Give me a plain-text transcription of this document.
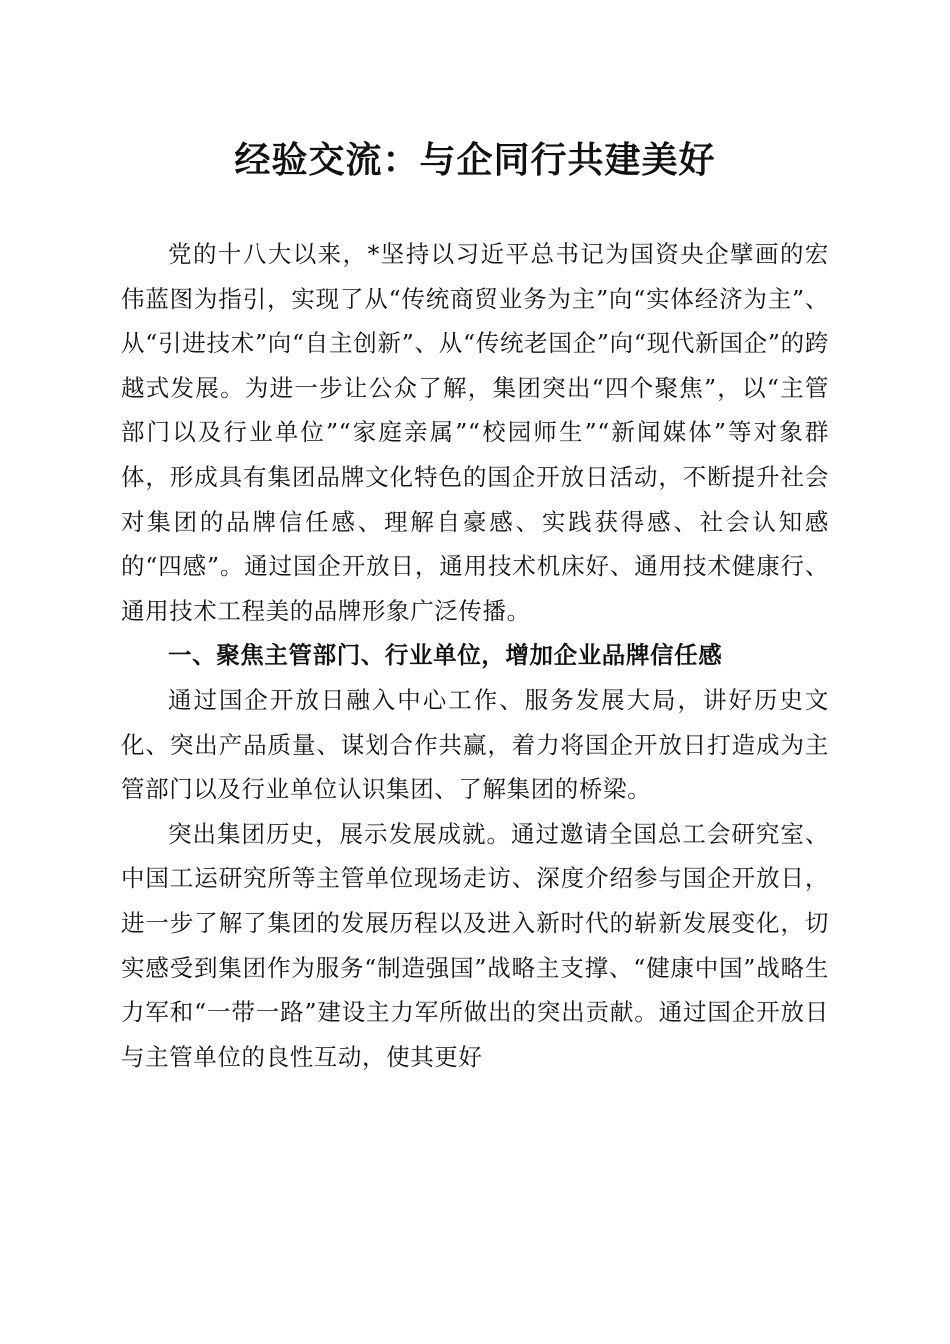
经验交流：与企同行共建美好

党的十八大以来，*坚持以习近平总书记为国资央企擘画的宏伟蓝图为指引，实现了从“传统商贸业务为主”向“实体经济为主”、从“引进技术”向“自主创新”、从“传统老国企”向“现代新国企”的跨越式发展。为进一步让公众了解，集团突出“四个聚焦”，以“主管部门以及行业单位”“家庭亲属”“校园师生”“新闻媒体”等对象群体，形成具有集团品牌文化特色的国企开放日活动，不断提升社会对集团的品牌信任感、理解自豪感、实践获得感、社会认知感的“四感”。通过国企开放日，通用技术机床好、通用技术健康行、通用技术工程美的品牌形象广泛传播。

一、聚焦主管部门、行业单位，增加企业品牌信任感

通过国企开放日融入中心工作、服务发展大局，讲好历史文化、突出产品质量、谋划合作共赢，着力将国企开放日打造成为主管部门以及行业单位认识集团、了解集团的桥梁。

突出集团历史，展示发展成就。通过邀请全国总工会研究室、中国工运研究所等主管单位现场走访、深度介绍参与国企开放日，进一步了解了集团的发展历程以及进入新时代的崭新发展变化，切实感受到集团作为服务“制造强国”战略主支撑、“健康中国”战略生力军和“一带一路”建设主力军所做出的突出贡献。通过国企开放日与主管单位的良性互动，使其更好
